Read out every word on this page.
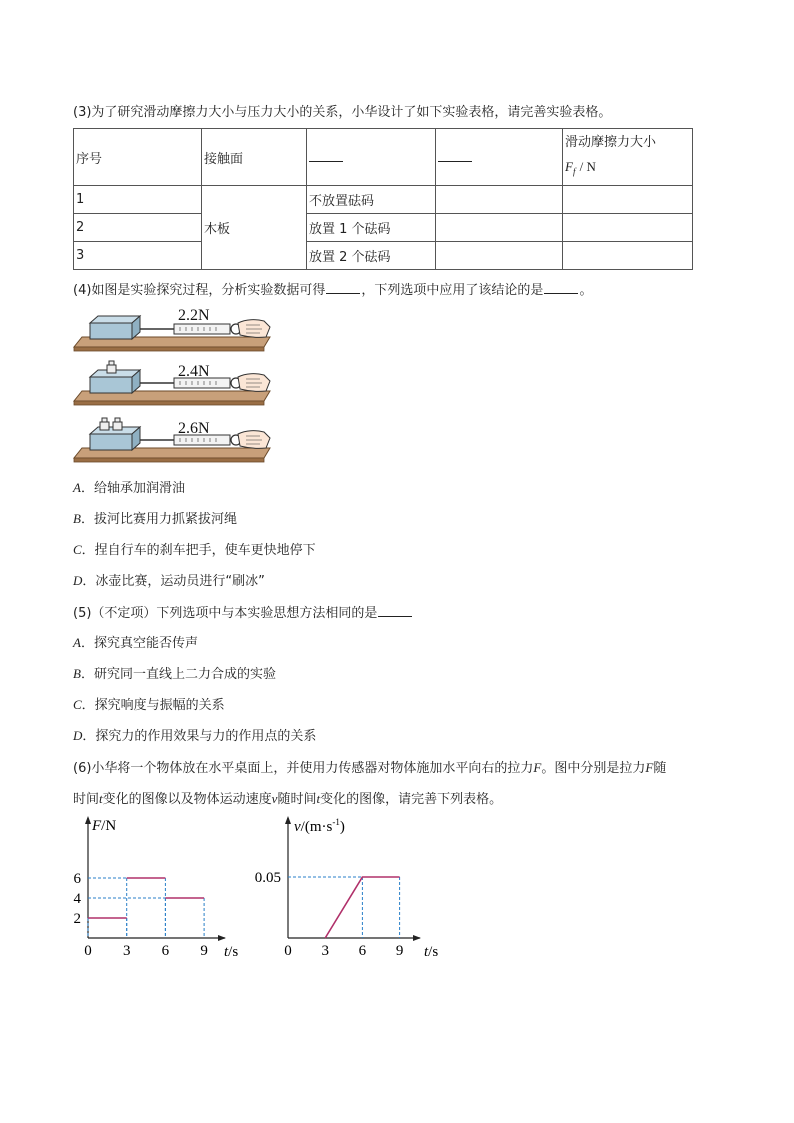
(3)为了研究滑动摩擦力大小与压力大小的关系，小华设计了如下实验表格，请完善实验表格。
序号	接触面			滑动摩擦力大小
$F_f$ / N

1	木板	不放置砝码		
2		放置 1 个砝码		
3		放置 2 个砝码		
(4)如图是实验探究过程，分析实验数据可得	，下列选项中应用了该结论的是	。
2.2N
2.4N
2.6N
A．给轴承加润滑油
B．拔河比赛用力抓紧拔河绳
C．捏自行车的刹车把手，使车更快地停下
D．冰壶比赛，运动员进行“刷冰”
(5)（不定项）下列选项中与本实验思想方法相同的是
A．探究真空能否传声
B．研究同一直线上二力合成的实验
C．探究响度与振幅的关系
D．探究力的作用效果与力的作用点的关系
(6)小华将一个物体放在水平桌面上，并使用力传感器对物体施加水平向右的拉力F。图中分别是拉力F随
时间t变化的图像以及物体运动速度v随时间t变化的图像，请完善下列表格。
0 3 6 9
2
4
6
F/N
t/s	0 3 6 9
0.05
$v/(m\cdot s^{-1})$
t/s
